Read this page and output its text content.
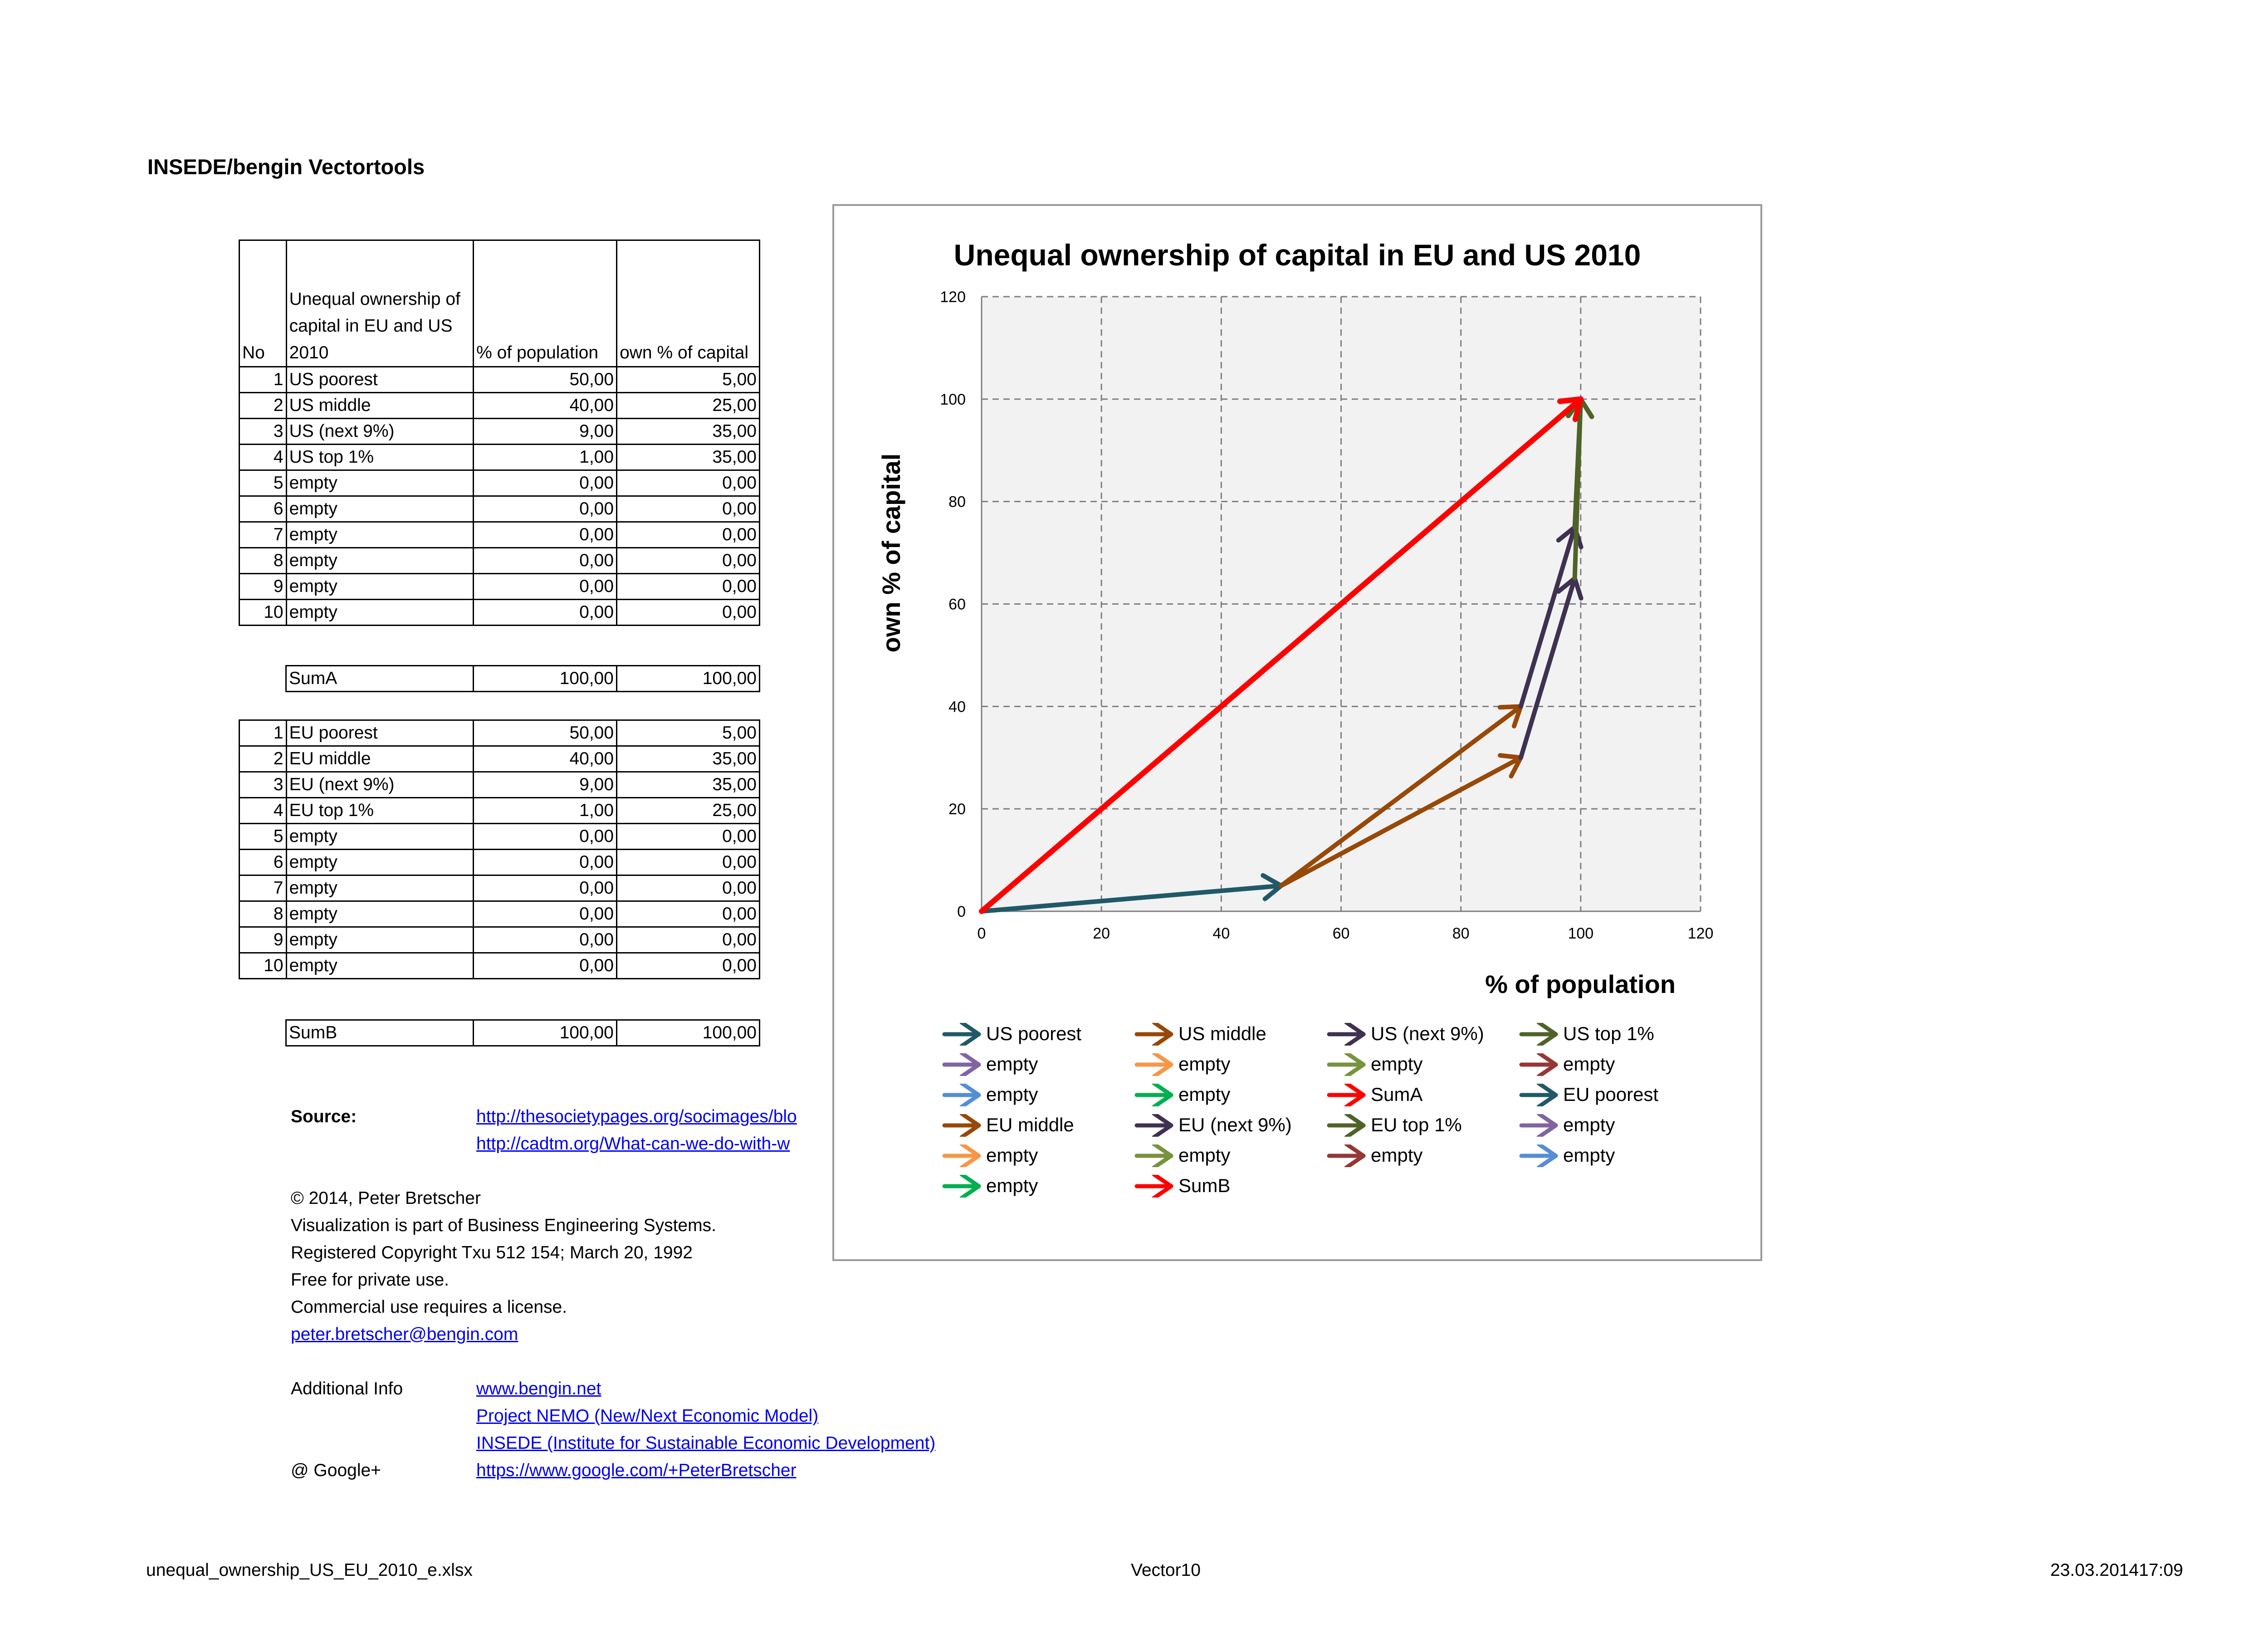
INSEDE/bengin Vectortools
No	Unequal ownership of capital in EU and US 2010	% of population	own % of capital
1	US poorest	50,00	5,00
2	US middle	40,00	25,00
3	US (next 9%)	9,00	35,00
4	US top 1%	1,00	35,00
5	empty	0,00	0,00
6	empty	0,00	0,00
7	empty	0,00	0,00
8	empty	0,00	0,00
9	empty	0,00	0,00
10	empty	0,00	0,00
SumA	100,00	100,00
1	EU poorest	50,00	5,00
2	EU middle	40,00	35,00
3	EU (next 9%)	9,00	35,00
4	EU top 1%	1,00	25,00
5	empty	0,00	0,00
6	empty	0,00	0,00
7	empty	0,00	0,00
8	empty	0,00	0,00
9	empty	0,00	0,00
10	empty	0,00	0,00
SumB	100,00	100,00
Source:	http://thesocietypages.org/socimages/blo
http://cadtm.org/What-can-we-do-with-w
© 2014, Peter Bretscher
Visualization is part of Business Engineering Systems.
Registered Copyright Txu 512 154; March 20, 1992
Free for private use.
Commercial use requires a license.
peter.bretscher@bengin.com
Additional Info	www.bengin.net
Project NEMO (New/Next Economic Model)
INSEDE (Institute for Sustainable Economic Development)
@ Google+	https://www.google.com/+PeterBretscher
Unequal ownership of capital in EU and US 2010
0	20	40	60	80	100	120
0
20
40
60
80
100
120
% of population
own % of capital
US poorest	US middle	US (next 9%)	US top 1%
empty	empty	empty	empty
empty	empty	SumA	EU poorest
EU middle	EU (next 9%)	EU top 1%	empty
empty	empty	empty	empty
empty	SumB
unequal_ownership_US_EU_2010_e.xlsx	Vector10	23.03.201417:09
